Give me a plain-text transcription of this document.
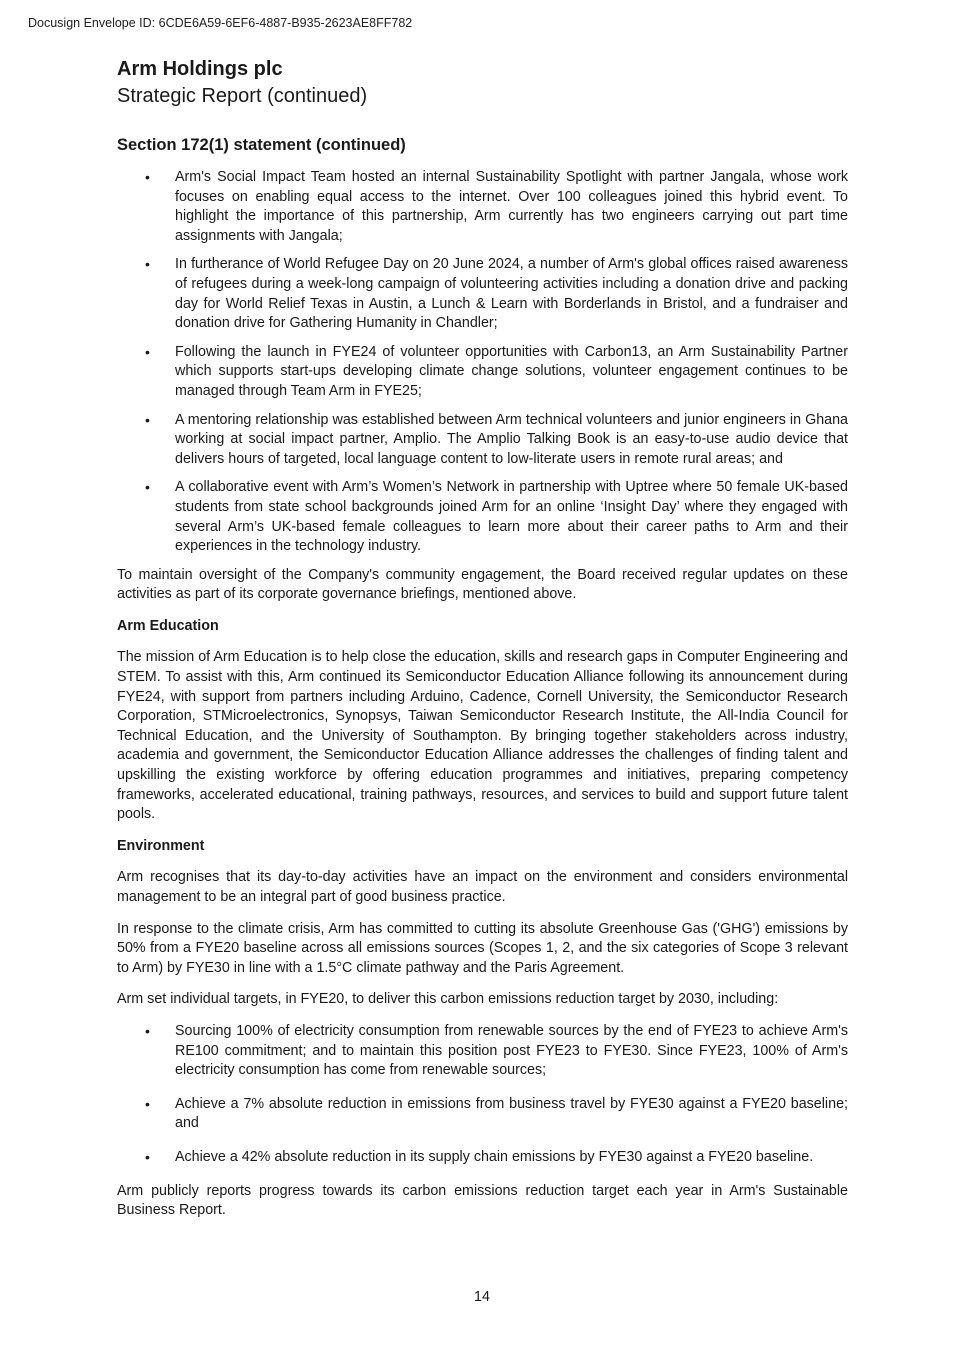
Docusign Envelope ID: 6CDE6A59-6EF6-4887-B935-2623AE8FF782
Arm Holdings plc
Strategic Report (continued)
Section 172(1) statement (continued)
• Arm's Social Impact Team hosted an internal Sustainability Spotlight with partner Jangala, whose work focuses on enabling equal access to the internet. Over 100 colleagues joined this hybrid event. To highlight the importance of this partnership, Arm currently has two engineers carrying out part time assignments with Jangala;
• In furtherance of World Refugee Day on 20 June 2024, a number of Arm's global offices raised awareness of refugees during a week-long campaign of volunteering activities including a donation drive and packing day for World Relief Texas in Austin, a Lunch & Learn with Borderlands in Bristol, and a fundraiser and donation drive for Gathering Humanity in Chandler;
• Following the launch in FYE24 of volunteer opportunities with Carbon13, an Arm Sustainability Partner which supports start-ups developing climate change solutions, volunteer engagement continues to be managed through Team Arm in FYE25;
• A mentoring relationship was established between Arm technical volunteers and junior engineers in Ghana working at social impact partner, Amplio. The Amplio Talking Book is an easy-to-use audio device that delivers hours of targeted, local language content to low-literate users in remote rural areas; and
• A collaborative event with Arm’s Women’s Network in partnership with Uptree where 50 female UK-based students from state school backgrounds joined Arm for an online ‘Insight Day’ where they engaged with several Arm’s UK-based female colleagues to learn more about their career paths to Arm and their experiences in the technology industry.

To maintain oversight of the Company's community engagement, the Board received regular updates on these activities as part of its corporate governance briefings, mentioned above.

Arm Education

The mission of Arm Education is to help close the education, skills and research gaps in Computer Engineering and STEM. To assist with this, Arm continued its Semiconductor Education Alliance following its announcement during FYE24, with support from partners including Arduino, Cadence, Cornell University, the Semiconductor Research Corporation, STMicroelectronics, Synopsys, Taiwan Semiconductor Research Institute, the All-India Council for Technical Education, and the University of Southampton. By bringing together stakeholders across industry, academia and government, the Semiconductor Education Alliance addresses the challenges of finding talent and upskilling the existing workforce by offering education programmes and initiatives, preparing competency frameworks, accelerated educational, training pathways, resources, and services to build and support future talent pools.

Environment

Arm recognises that its day-to-day activities have an impact on the environment and considers environmental management to be an integral part of good business practice.

In response to the climate crisis, Arm has committed to cutting its absolute Greenhouse Gas ('GHG') emissions by 50% from a FYE20 baseline across all emissions sources (Scopes 1, 2, and the six categories of Scope 3 relevant to Arm) by FYE30 in line with a 1.5°C climate pathway and the Paris Agreement.

Arm set individual targets, in FYE20, to deliver this carbon emissions reduction target by 2030, including:

• Sourcing 100% of electricity consumption from renewable sources by the end of FYE23 to achieve Arm's RE100 commitment; and to maintain this position post FYE23 to FYE30. Since FYE23, 100% of Arm's electricity consumption has come from renewable sources;
• Achieve a 7% absolute reduction in emissions from business travel by FYE30 against a FYE20 baseline; and
• Achieve a 42% absolute reduction in its supply chain emissions by FYE30 against a FYE20 baseline.

Arm publicly reports progress towards its carbon emissions reduction target each year in Arm's Sustainable Business Report.

14
